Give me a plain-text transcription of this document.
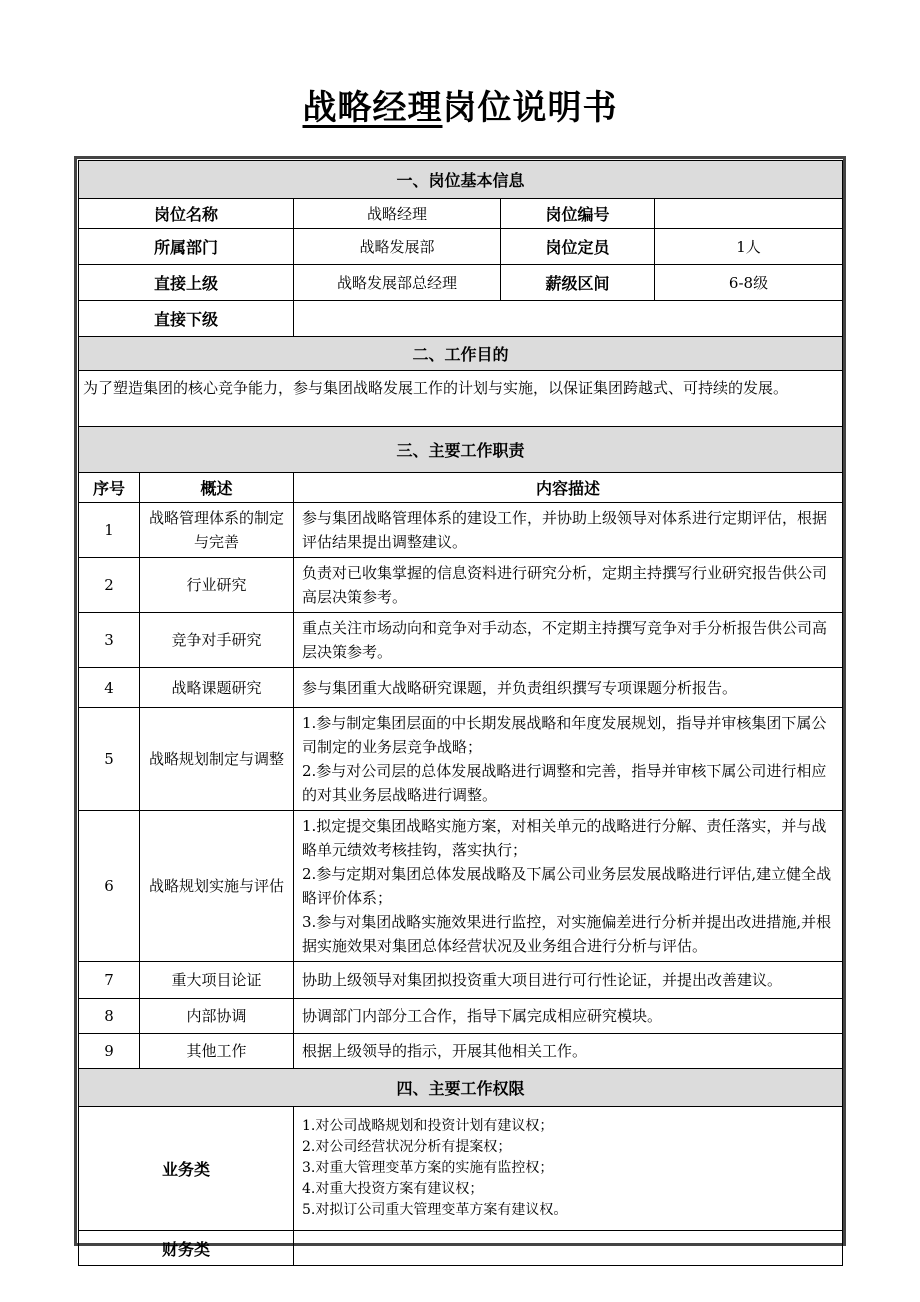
战略经理岗位说明书
一、岗位基本信息				
岗位名称		战略经理	岗位编号	
所属部门		战略发展部	岗位定员	1人
直接上级		战略发展部总经理	薪级区间	6-8级
直接下级				
二、工作目的				
为了塑造集团的核心竞争能力，参与集团战略发展工作的计划与实施，以保证集团跨越式、可持续的发展。				
三、主要工作职责				
序号	概述	内容描述		
1	战略管理体系的制定与完善	参与集团战略管理体系的建设工作，并协助上级领导对体系进行定期评估，根据评估结果提出调整建议。		
2	行业研究	负责对已收集掌握的信息资料进行研究分析，定期主持撰写行业研究报告供公司高层决策参考。		
3	竞争对手研究	重点关注市场动向和竞争对手动态，不定期主持撰写竞争对手分析报告供公司高层决策参考。		
4	战略课题研究	参与集团重大战略研究课题，并负责组织撰写专项课题分析报告。		
5	战略规划制定与调整	1.参与制定集团层面的中长期发展战略和年度发展规划，指导并审核集团下属公司制定的业务层竞争战略；
2.参与对公司层的总体发展战略进行调整和完善，指导并审核下属公司进行相应的对其业务层战略进行调整。		
6	战略规划实施与评估	1.拟定提交集团战略实施方案，对相关单元的战略进行分解、责任落实，并与战略单元绩效考核挂钩，落实执行；
2.参与定期对集团总体发展战略及下属公司业务层发展战略进行评估,建立健全战略评价体系；
3.参与对集团战略实施效果进行监控，对实施偏差进行分析并提出改进措施,并根据实施效果对集团总体经营状况及业务组合进行分析与评估。		
7	重大项目论证	协助上级领导对集团拟投资重大项目进行可行性论证，并提出改善建议。		
8	内部协调	协调部门内部分工合作，指导下属完成相应研究模块。		
9	其他工作	根据上级领导的指示，开展其他相关工作。		
四、主要工作权限				
业务类		1.对公司战略规划和投资计划有建议权；
2.对公司经营状况分析有提案权；
3.对重大管理变革方案的实施有监控权；
4.对重大投资方案有建议权；
5.对拟订公司重大管理变革方案有建议权。		

财务类				
